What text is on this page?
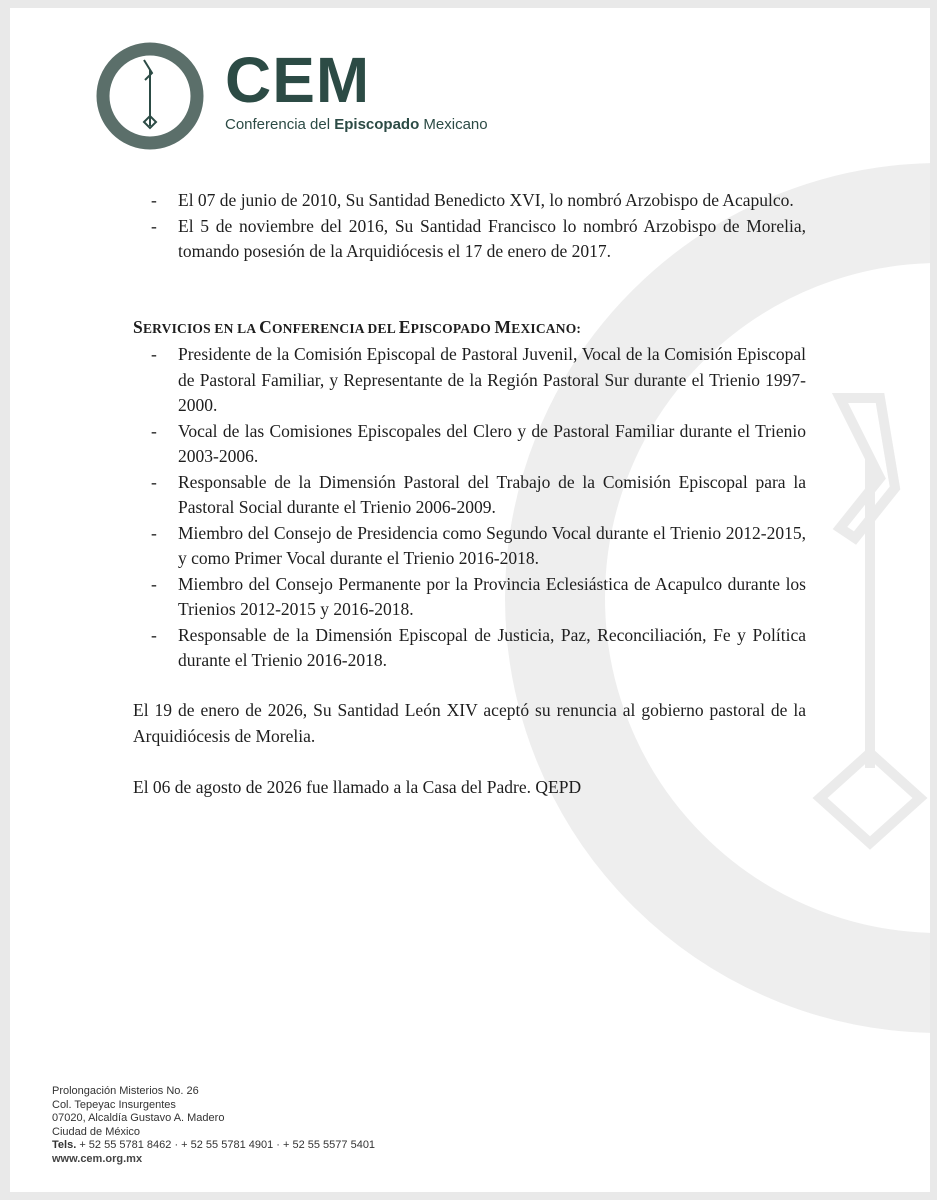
CEM
Conferencia del Episcopado Mexicano
- El 07 de junio de 2010, Su Santidad Benedicto XVI, lo nombró Arzobispo de Acapulco.
- El 5 de noviembre del 2016, Su Santidad Francisco lo nombró Arzobispo de Morelia, tomando posesión de la Arquidiócesis el 17 de enero de 2017.
SERVICIOS EN LA CONFERENCIA DEL EPISCOPADO MEXICANO:
- Presidente de la Comisión Episcopal de Pastoral Juvenil, Vocal de la Comisión Episcopal de Pastoral Familiar, y Representante de la Región Pastoral Sur durante el Trienio 1997-2000.
- Vocal de las Comisiones Episcopales del Clero y de Pastoral Familiar durante el Trienio 2003-2006.
- Responsable de la Dimensión Pastoral del Trabajo de la Comisión Episcopal para la Pastoral Social durante el Trienio 2006-2009.
- Miembro del Consejo de Presidencia como Segundo Vocal durante el Trienio 2012-2015, y como Primer Vocal durante el Trienio 2016-2018.
- Miembro del Consejo Permanente por la Provincia Eclesiástica de Acapulco durante los Trienios 2012-2015 y 2016-2018.
- Responsable de la Dimensión Episcopal de Justicia, Paz, Reconciliación, Fe y Política durante el Trienio 2016-2018.

El 19 de enero de 2026, Su Santidad León XIV aceptó su renuncia al gobierno pastoral de la Arquidiócesis de Morelia.

El 06 de agosto de 2026 fue llamado a la Casa del Padre. QEPD

Prolongación Misterios No. 26
Col. Tepeyac Insurgentes
07020, Alcaldía Gustavo A. Madero
Ciudad de México
Tels. + 52 55 5781 8462 · + 52 55 5781 4901 · + 52 55 5577 5401
www.cem.org.mx
